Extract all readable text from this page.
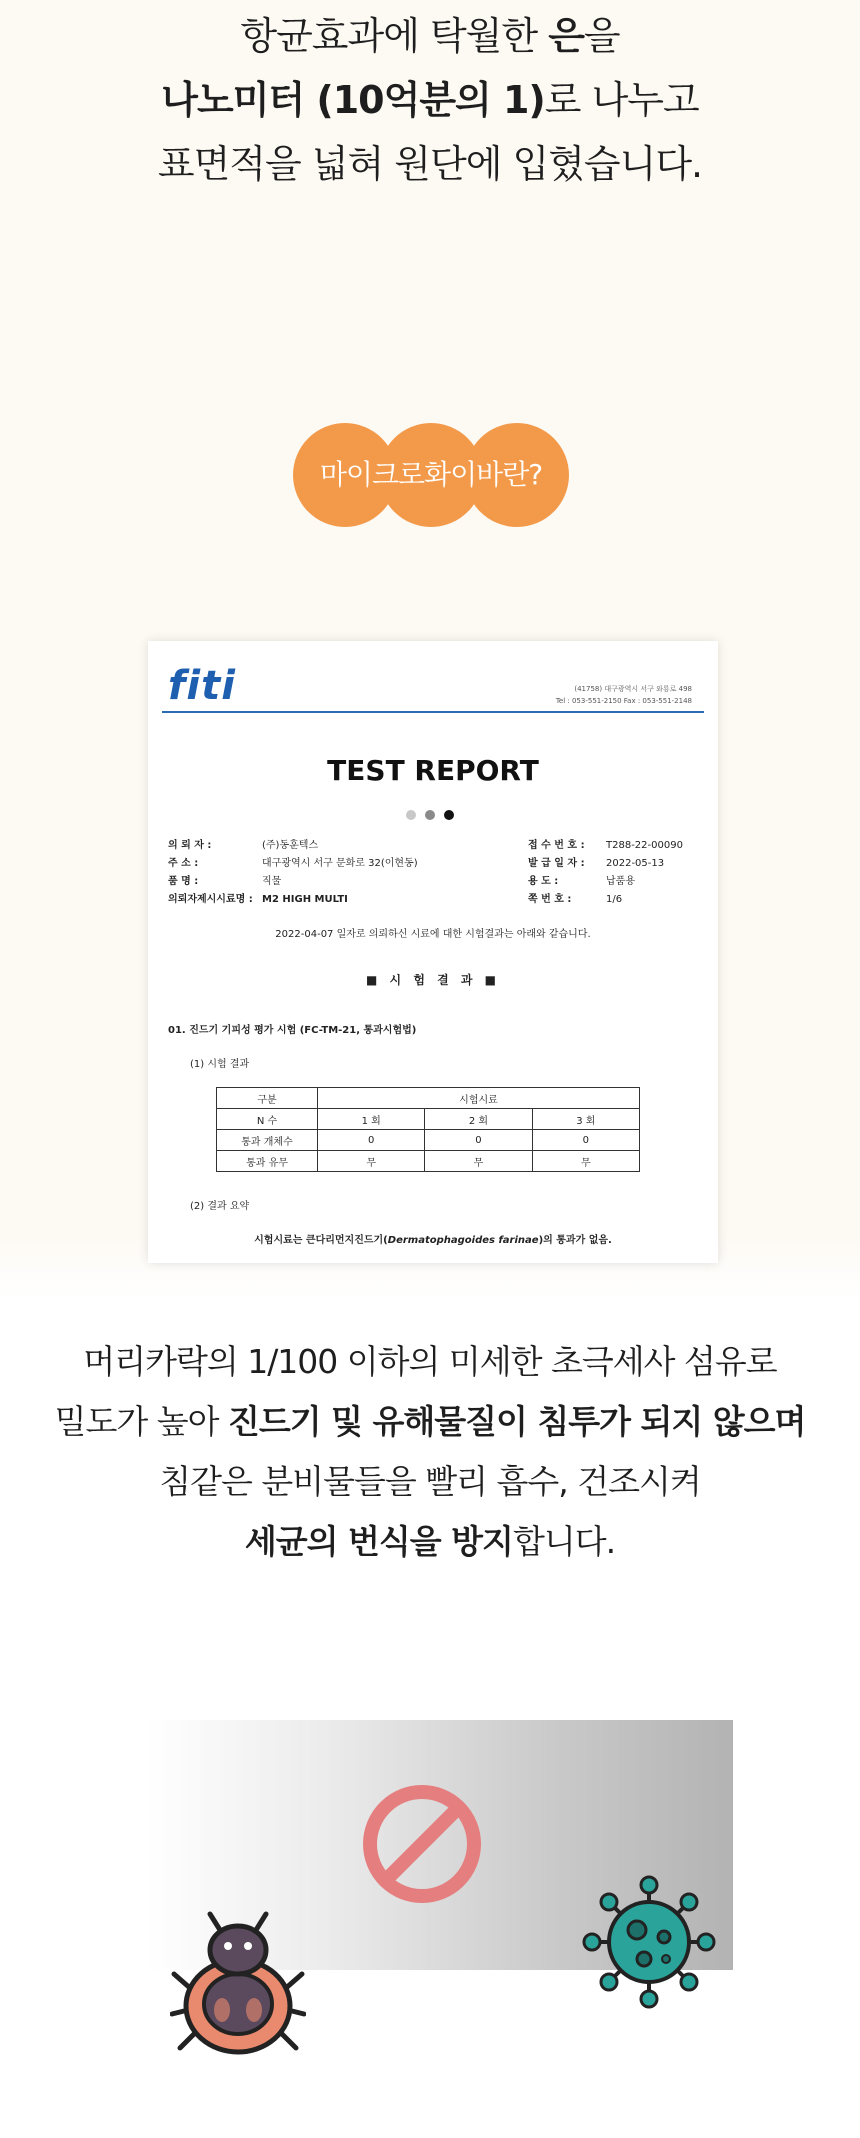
항균효과에 탁월한 은을

나노미터 (10억분의 1)로 나누고

표면적을 넓혀 원단에 입혔습니다.

마이크로화이바란?
fiti	(41758) 대구광역시 서구 와룡로 498
Tel : 053-551-2150 Fax : 053-551-2148
TEST REPORT
의 뢰 자 :	(주)동훈텍스
주 소 :	대구광역시 서구 문화로 32(이현동)
품 명 :	직물
의뢰자제시시료명 : M2 HIGH MULTI
접 수 번 호 : T288-22-00090
발 급 일 자 : 2022-05-13
용 도 :	납품용
쪽 번 호 :	1/6
2022-04-07 일자로 의뢰하신 시료에 대한 시험결과는 아래와 같습니다.
■ 시 험 결 과 ■
01. 진드기 기피성 평가 시험 (FC-TM-21, 통과시험법)
(1) 시험 결과
구분	시험시료		
N 수	1 회	2 회	3 회
통과 개체수	0	0	0
통과 유무	무	무	무
(2) 결과 요약
시험시료는 큰다리먼지진드기(Dermatophagoides farinae)의 통과가 없음.

머리카락의 1/100 이하의 미세한 초극세사 섬유로

밀도가 높아 진드기 및 유해물질이 침투가 되지 않으며

침같은 분비물들을 빨리 흡수, 건조시켜

세균의 번식을 방지합니다.
